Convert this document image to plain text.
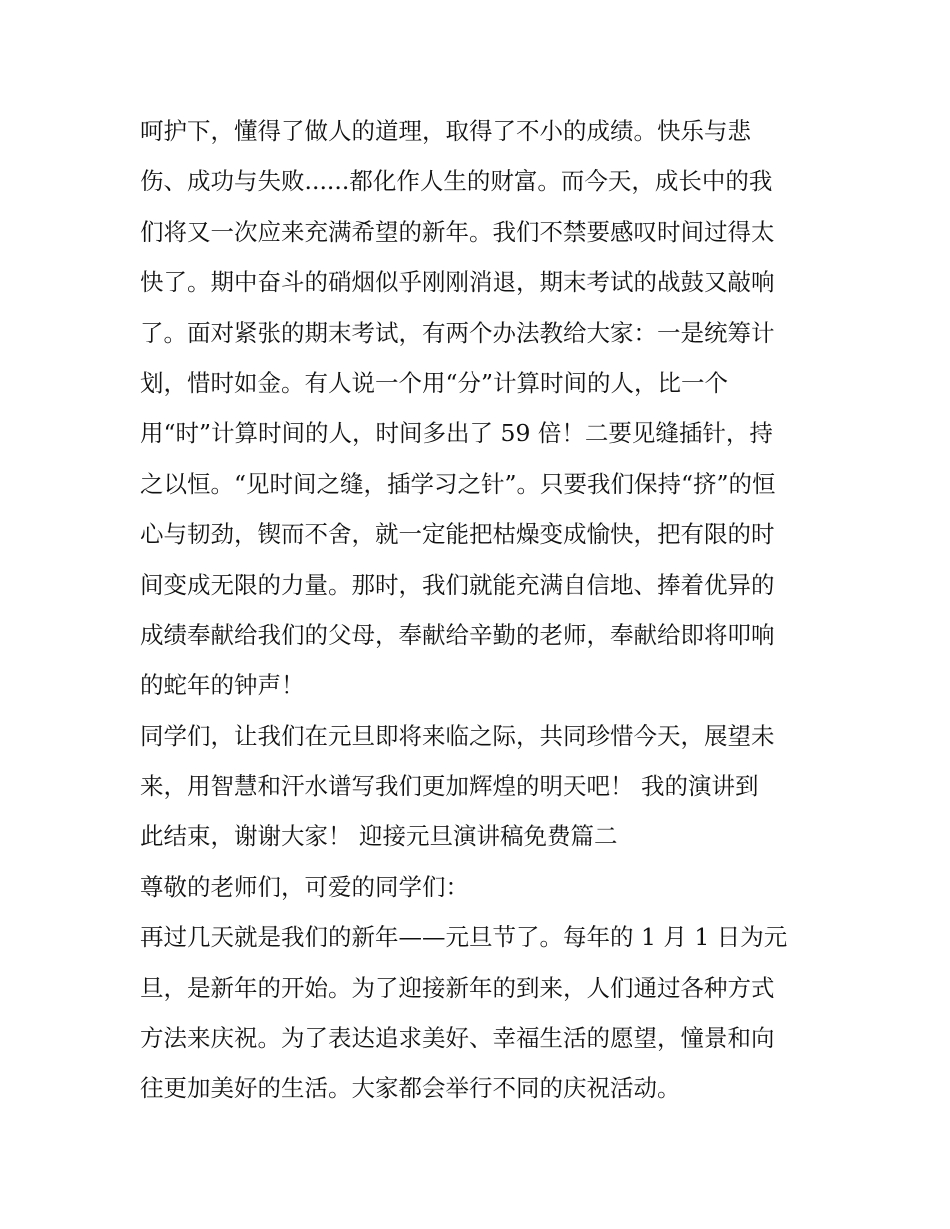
呵护下，懂得了做人的道理，取得了不小的成绩。快乐与悲
伤、成功与失败......都化作人生的财富。而今天，成长中的我
们将又一次应来充满希望的新年。我们不禁要感叹时间过得太
快了。期中奋斗的硝烟似乎刚刚消退，期末考试的战鼓又敲响
了。面对紧张的期末考试，有两个办法教给大家：一是统筹计
划，惜时如金。有人说一个用“分”计算时间的人，比一个
用“时”计算时间的人，时间多出了 59 倍！二要见缝插针，持
之以恒。“见时间之缝，插学习之针”。只要我们保持“挤”的恒
心与韧劲，锲而不舍，就一定能把枯燥变成愉快，把有限的时
间变成无限的力量。那时，我们就能充满自信地、捧着优异的
成绩奉献给我们的父母，奉献给辛勤的老师，奉献给即将叩响
的蛇年的钟声！
同学们，让我们在元旦即将来临之际，共同珍惜今天，展望未
来，用智慧和汗水谱写我们更加辉煌的明天吧！ 我的演讲到
此结束，谢谢大家！ 迎接元旦演讲稿免费篇二
尊敬的老师们，可爱的同学们：
再过几天就是我们的新年——元旦节了。每年的 1 月 1 日为元
旦，是新年的开始。为了迎接新年的到来，人们通过各种方式
方法来庆祝。为了表达追求美好、幸福生活的愿望，憧景和向
往更加美好的生活。大家都会举行不同的庆祝活动。
